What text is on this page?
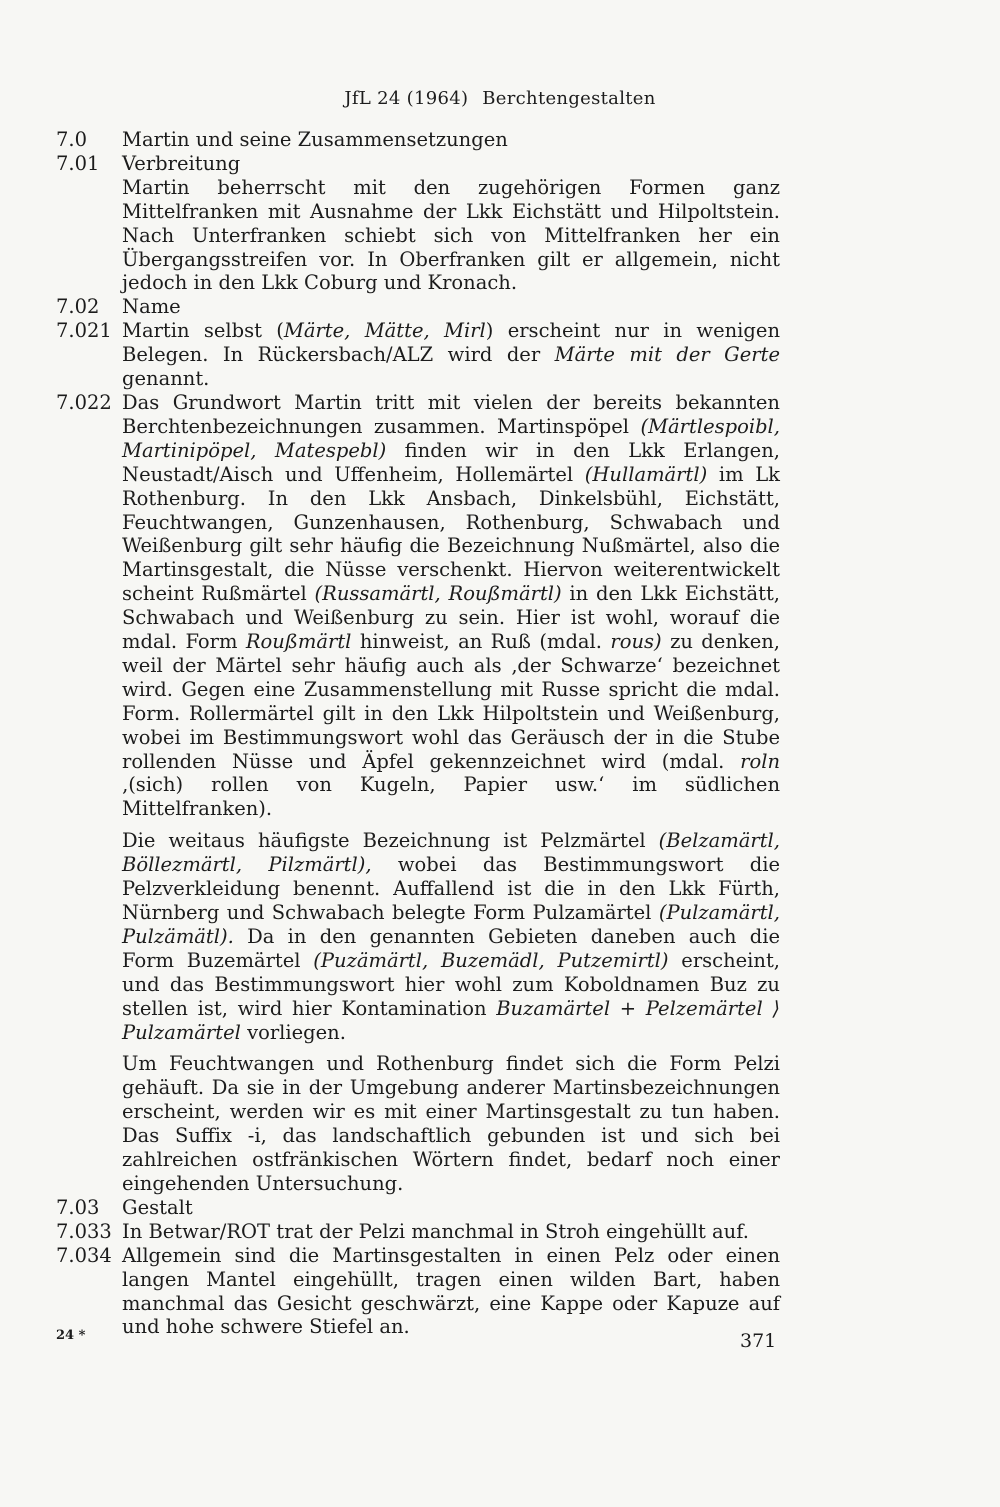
JfL 24 (1964) Berchtengestalten
7.0	Martin und seine Zusammensetzungen
7.01	Verbreitung
Martin beherrscht mit den zugehörigen Formen ganz Mittelfranken mit Ausnahme der Lkk Eichstätt und Hilpoltstein. Nach Unterfranken schiebt sich von Mittelfranken her ein Übergangsstreifen vor. In Oberfranken gilt er allgemein, nicht jedoch in den Lkk Coburg und Kronach.
7.02	Name
7.021 Martin selbst (Märte, Mätte, Mirl) erscheint nur in wenigen Belegen. In Rückersbach/ALZ wird der Märte mit der Gerte genannt.
7.022 Das Grundwort Martin tritt mit vielen der bereits bekannten Berchtenbezeichnungen zusammen. Martinspöpel (Märtlespoibl, Martinipöpel, Matespebl) finden wir in den Lkk Erlangen, Neustadt/Aisch und Uffenheim, Hollemärtel (Hullamärtl) im Lk Rothenburg. In den Lkk Ansbach, Dinkelsbühl, Eichstätt, Feuchtwangen, Gunzenhausen, Rothenburg, Schwabach und Weißenburg gilt sehr häufig die Bezeichnung Nußmärtel, also die Martinsgestalt, die Nüsse verschenkt. Hiervon weiterentwickelt scheint Rußmärtel (Russamärtl, Roußmärtl) in den Lkk Eichstätt, Schwabach und Weißenburg zu sein. Hier ist wohl, worauf die mdal. Form Roußmärtl hinweist, an Ruß (mdal. rous) zu denken, weil der Märtel sehr häufig auch als ‚der Schwarze‘ bezeichnet wird. Gegen eine Zusammenstellung mit Russe spricht die mdal. Form. Rollermärtel gilt in den Lkk Hilpoltstein und Weißenburg, wobei im Bestimmungswort wohl das Geräusch der in die Stube rollenden Nüsse und Äpfel gekennzeichnet wird (mdal. roln ‚(sich) rollen von Kugeln, Papier usw.‘ im südlichen Mittelfranken).
Die weitaus häufigste Bezeichnung ist Pelzmärtel (Belzamärtl, Böllezmärtl, Pilzmärtl), wobei das Bestimmungswort die Pelzverkleidung benennt. Auffallend ist die in den Lkk Fürth, Nürnberg und Schwabach belegte Form Pulzamärtel (Pulzamärtl, Pulzämätl). Da in den genannten Gebieten daneben auch die Form Buzemärtel (Puzämärtl, Buzemädl, Putzemirtl) erscheint, und das Bestimmungswort hier wohl zum Koboldnamen Buz zu stellen ist, wird hier Kontamination Buzamärtel + Pelzemärtel ⟩ Pulzamärtel vorliegen.
Um Feuchtwangen und Rothenburg findet sich die Form Pelzi gehäuft. Da sie in der Umgebung anderer Martinsbezeichnungen erscheint, werden wir es mit einer Martinsgestalt zu tun haben. Das Suffix -i, das landschaftlich gebunden ist und sich bei zahlreichen ostfränkischen Wörtern findet, bedarf noch einer eingehenden Untersuchung.
7.03	Gestalt
7.033 In Betwar/ROT trat der Pelzi manchmal in Stroh eingehüllt auf.
7.034 Allgemein sind die Martinsgestalten in einen Pelz oder einen langen Mantel eingehüllt, tragen einen wilden Bart, haben manchmal das Gesicht geschwärzt, eine Kappe oder Kapuze auf und hohe schwere Stiefel an.
24 *	371
